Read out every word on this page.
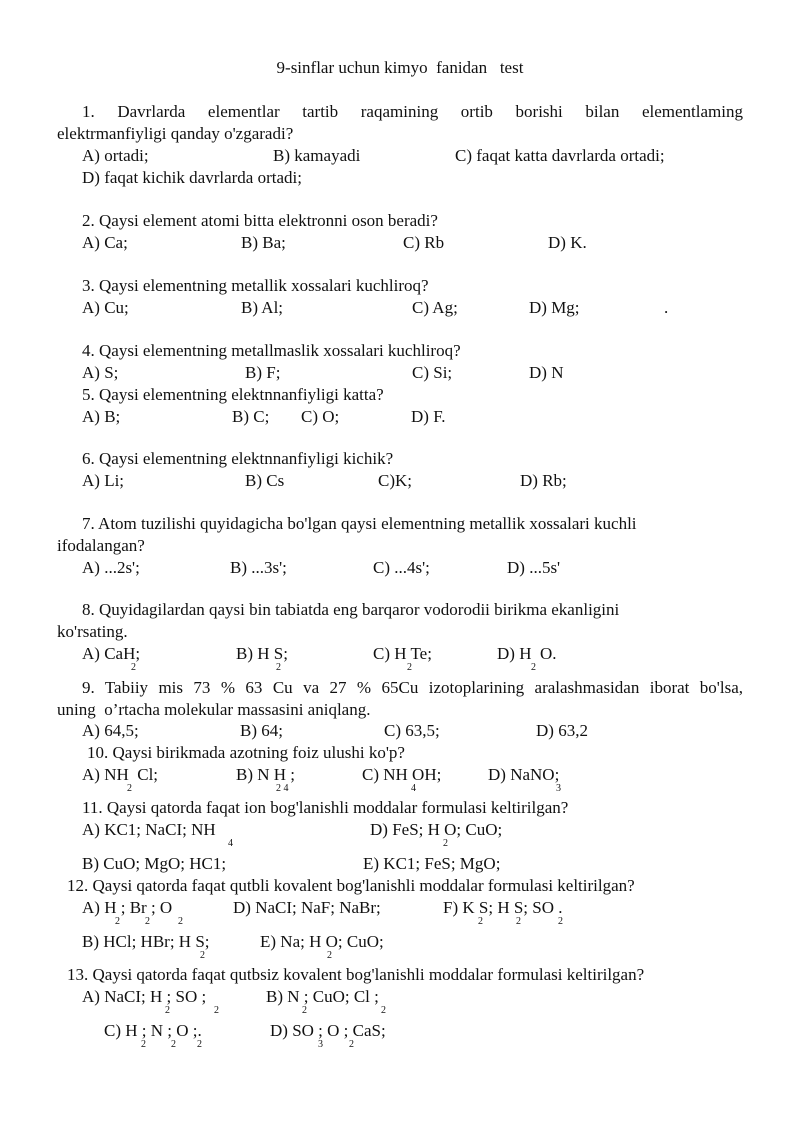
9-sinflar uchun kimyo  fanidan   test
1. Davrlarda elementlar tartib raqamining ortib borishi bilan elementlaming
elektrmanfiyligi qanday o'zgaradi?
A) ortadi;	B) kamayadi	C) faqat katta davrlarda ortadi;
D) faqat kichik davrlarda ortadi;
2. Qaysi element atomi bitta elektronni oson beradi?
A) Ca;	B) Ba;	C) Rb	D) K.
3. Qaysi elementning metallik xossalari kuchliroq?
A) Cu;	B) Al;	C) Ag;	D) Mg;	.
4. Qaysi elementning metallmaslik xossalari kuchliroq?
A) S;	B) F;	C) Si;	D) N
5. Qaysi elementning elektnnanfiyligi katta?
A) B;	B) C; C) O;	D) F.
6. Qaysi elementning elektnnanfiyligi kichik?
A) Li;	B) Cs	C)K;	D) Rb;
7. Atom tuzilishi quyidagicha bo'lgan qaysi elementning metallik xossalari kuchli
ifodalangan?
A) ...2s';	B) ...3s';	C) ...4s';	D) ...5s'
8. Quyidagilardan qaysi bin tabiatda eng barqaror vodorodii birikma ekanligini
ko'rsating.
A) CaH;	B) H S;	C) H Te;	D) H  O.
2	2	2	2
9. Tabiiy mis 73 % 63 Cu va 27 % 65Cu izotoplarining aralashmasidan iborat bo'lsa,
uning  o’rtacha molekular massasini aniqlang.
A) 64,5;	B) 64;	C) 63,5;	D) 63,2
10. Qaysi birikmada azotning foiz ulushi ko'p?
A) NH  Cl;	B) N H ;	C) NH OH;	D) NaNO;
2	2 4	4	3
11. Qaysi qatorda faqat ion bog'lanishli moddalar formulasi keltirilgan?
A) KC1; NaCI; NH	D) FeS; H O; CuO;
4	2
B) CuO; MgO; HC1;	E) KC1; FeS; MgO;
12. Qaysi qatorda faqat qutbli kovalent bog'lanishli moddalar formulasi keltirilgan?
A) H ; Br ; O	D) NaCI; NaF; NaBr;	F) K S; H S; SO .
2	2	2	2	2	2
B) HCl; HBr; H S;	E) Na; H O; CuO;
2	2
13. Qaysi qatorda faqat qutbsiz kovalent bog'lanishli moddalar formulasi keltirilgan?
A) NaCI; H ; SO ;	B) N ; CuO; Cl ;
2	2	2	2
C) H ; N ; O ;.	D) SO ; O ; CaS;
2	2 2	3	2
